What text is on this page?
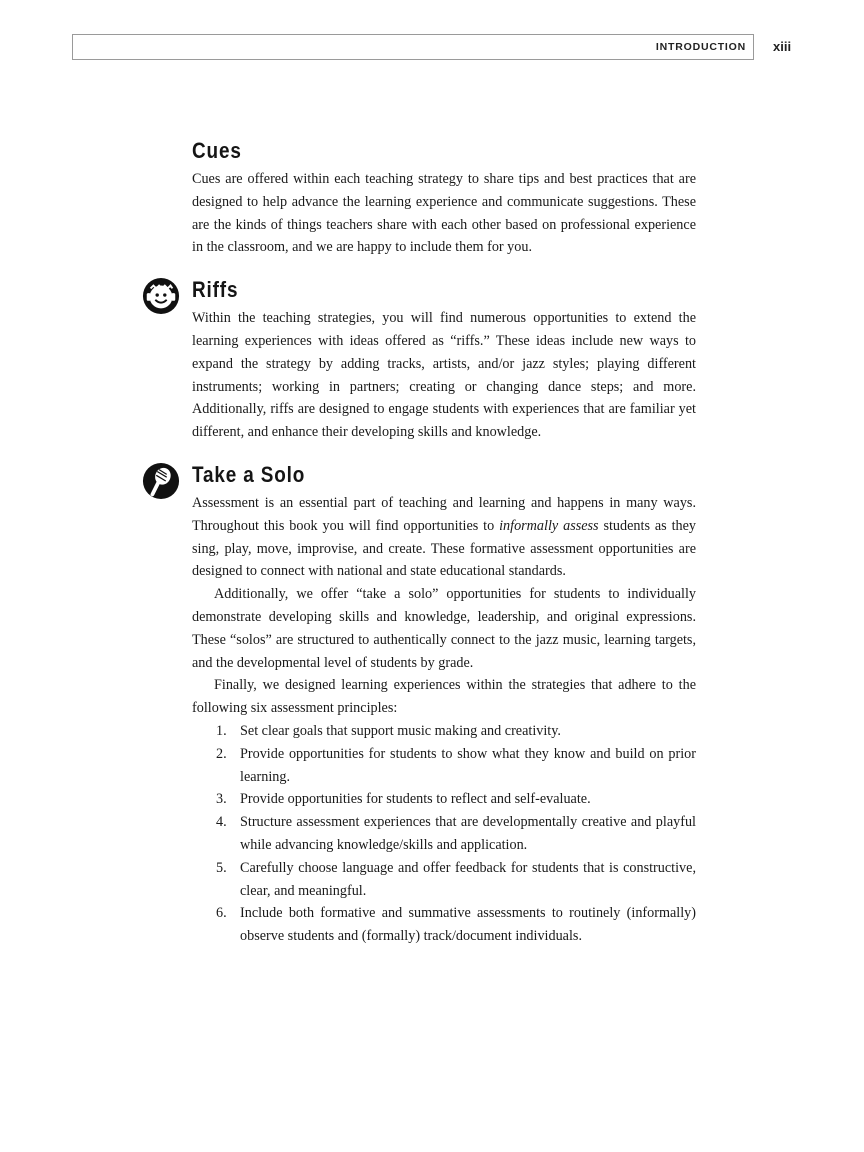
INTRODUCTION xiii
Cues

Cues are offered within each teaching strategy to share tips and best practices that are designed to help advance the learning experience and communicate suggestions. These are the kinds of things teachers share with each other based on professional experience in the classroom, and we are happy to include them for you.

Riffs

Within the teaching strategies, you will find numerous opportunities to extend the learning experiences with ideas offered as “riffs.” These ideas include new ways to expand the strategy by adding tracks, artists, and/or jazz styles; playing different instruments; working in partners; creating or changing dance steps; and more. Additionally, riffs are designed to engage students with experiences that are familiar yet different, and enhance their developing skills and knowledge.

Take a Solo

Assessment is an essential part of teaching and learning and happens in many ways. Throughout this book you will find opportunities to informally assess students as they sing, play, move, improvise, and create. These formative assessment opportunities are designed to connect with national and state educational standards.

Additionally, we offer “take a solo” opportunities for students to individually demonstrate developing skills and knowledge, leadership, and original expressions. These “solos” are structured to authentically connect to the jazz music, learning targets, and the developmental level of students by grade.

Finally, we designed learning experiences within the strategies that adhere to the following six assessment principles:

1. Set clear goals that support music making and creativity.
2. Provide opportunities for students to show what they know and build on prior learning.
3. Provide opportunities for students to reflect and self-evaluate.
4. Structure assessment experiences that are developmentally creative and playful while advancing knowledge/skills and application.
5. Carefully choose language and offer feedback for students that is constructive, clear, and meaningful.
6. Include both formative and summative assessments to routinely (informally) observe students and (formally) track/document individuals.
